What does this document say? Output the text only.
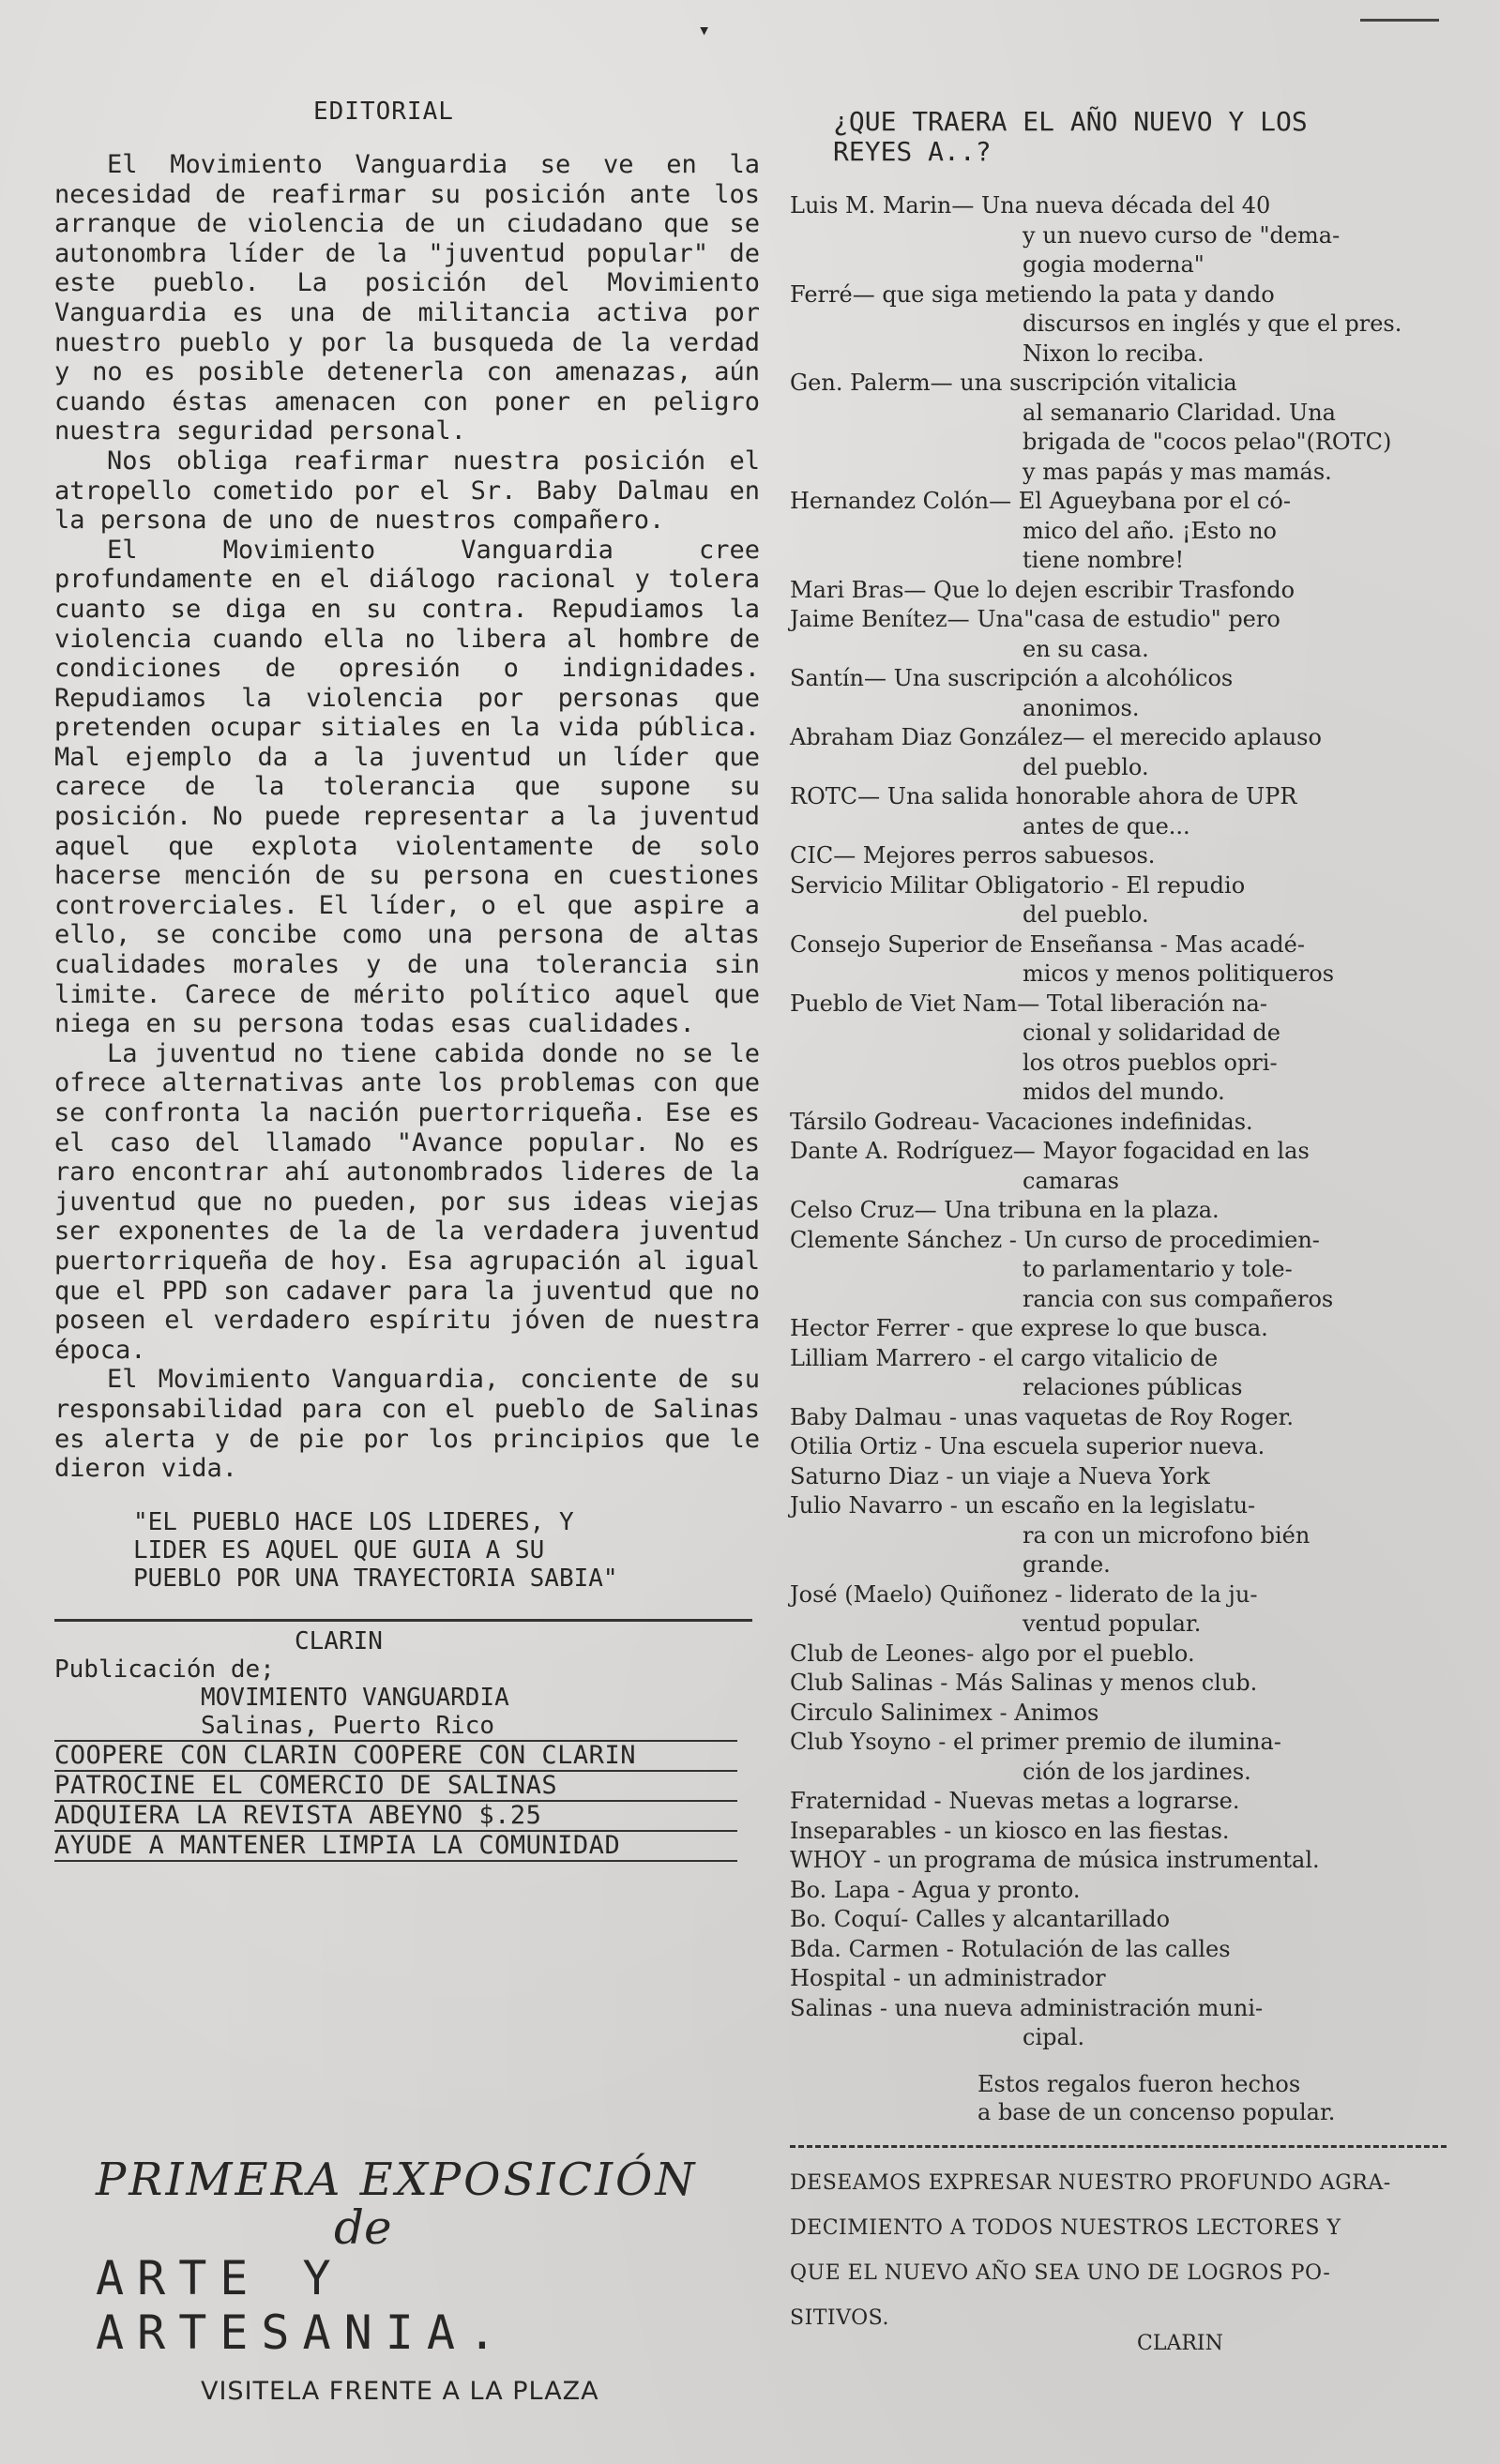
▾
EDITORIAL

El Movimiento Vanguardia se ve en la necesidad de reafirmar su posición ante los arranque de violencia de un ciudadano que se autonombra líder de la "juventud popular" de este pueblo. La posición del Movimiento Vanguardia es una de militancia activa por nuestro pueblo y por la busqueda de la verdad y no es posible detenerla con amenazas, aún cuando éstas amenacen con poner en peligro nuestra seguridad personal.

Nos obliga reafirmar nuestra posición el atropello cometido por el Sr. Baby Dalmau en la persona de uno de nuestros compañero.

El Movimiento Vanguardia cree profundamente en el diálogo racional y tolera cuanto se diga en su contra. Repudiamos la violencia cuando ella no libera al hombre de condiciones de opresión o indignidades. Repudiamos la violencia por personas que pretenden ocupar sitiales en la vida pública. Mal ejemplo da a la juventud un líder que carece de la tolerancia que supone su posición. No puede representar a la juventud aquel que explota violentamente de solo hacerse mención de su persona en cuestiones controverciales. El líder, o el que aspire a ello, se concibe como una persona de altas cualidades morales y de una tolerancia sin limite. Carece de mérito político aquel que niega en su persona todas esas cualidades.

La juventud no tiene cabida donde no se le ofrece alternativas ante los problemas con que se confronta la nación puertorriqueña. Ese es el caso del llamado "Avance popular. No es raro encontrar ahí autonombrados lideres de la juventud que no pueden, por sus ideas viejas ser exponentes de la de la verdadera juventud puertorriqueña de hoy. Esa agrupación al igual que el PPD son cadaver para la juventud que no poseen el verdadero espíritu jóven de nuestra época.

El Movimiento Vanguardia, conciente de su responsabilidad para con el pueblo de Salinas es alerta y de pie por los principios que le dieron vida.

"EL PUEBLO HACE LOS LIDERES, Y
LIDER ES AQUEL QUE GUIA A SU
PUEBLO POR UNA TRAYECTORIA SABIA"
CLARIN
Publicación de;
MOVIMIENTO VANGUARDIA
Salinas, Puerto Rico
COOPERE CON CLARIN COOPERE CON CLARIN
PATROCINE EL COMERCIO DE SALINAS
ADQUIERA LA REVISTA ABEYNO $.25
AYUDE A MANTENER LIMPIA LA COMUNIDAD
PRIMERA EXPOSICIÓN
de
ARTE Y ARTESANIA.
VISITELA FRENTE A LA PLAZA
¿QUE TRAERA EL AÑO NUEVO Y LOS
REYES A..?
Luis M. Marin— Una nueva década del 40
y un nuevo curso de "dema-
gogia moderna"
Ferré— que siga metiendo la pata y dando
discursos en inglés y que el pres.
Nixon lo reciba.
Gen. Palerm— una suscripción vitalicia
al semanario Claridad. Una
brigada de "cocos pelao"(ROTC)
y mas papás y mas mamás.
Hernandez Colón— El Agueybana por el có-
mico del año. ¡Esto no
tiene nombre!
Mari Bras— Que lo dejen escribir Trasfondo
Jaime Benítez— Una"casa de estudio" pero
en su casa.
Santín— Una suscripción a alcohólicos
anonimos.
Abraham Diaz González— el merecido aplauso
del pueblo.
ROTC— Una salida honorable ahora de UPR
antes de que...
CIC— Mejores perros sabuesos.
Servicio Militar Obligatorio - El repudio
del pueblo.
Consejo Superior de Enseñansa - Mas acadé-
micos y menos politiqueros
Pueblo de Viet Nam— Total liberación na-
cional y solidaridad de
los otros pueblos opri-
midos del mundo.
Társilo Godreau- Vacaciones indefinidas.
Dante A. Rodríguez— Mayor fogacidad en las
camaras
Celso Cruz— Una tribuna en la plaza.
Clemente Sánchez - Un curso de procedimien-
to parlamentario y tole-
rancia con sus compañeros
Hector Ferrer - que exprese lo que busca.
Lilliam Marrero - el cargo vitalicio de
relaciones públicas
Baby Dalmau - unas vaquetas de Roy Roger.
Otilia Ortiz - Una escuela superior nueva.
Saturno Diaz - un viaje a Nueva York
Julio Navarro - un escaño en la legislatu-
ra con un microfono bién
grande.
José (Maelo) Quiñonez - liderato de la ju-
ventud popular.
Club de Leones- algo por el pueblo.
Club Salinas - Más Salinas y menos club.
Circulo Salinimex - Animos
Club Ysoyno - el primer premio de ilumina-
ción de los jardines.
Fraternidad - Nuevas metas a lograrse.
Inseparables - un kiosco en las fiestas.
WHOY - un programa de música instrumental.
Bo. Lapa - Agua y pronto.
Bo. Coquí- Calles y alcantarillado
Bda. Carmen - Rotulación de las calles
Hospital - un administrador
Salinas - una nueva administración muni-
cipal.
Estos regalos fueron hechos
a base de un concenso popular.
DESEAMOS EXPRESAR NUESTRO PROFUNDO AGRA-
DECIMIENTO A TODOS NUESTROS LECTORES Y
QUE EL NUEVO AÑO SEA UNO DE LOGROS PO-
SITIVOS.
CLARIN
